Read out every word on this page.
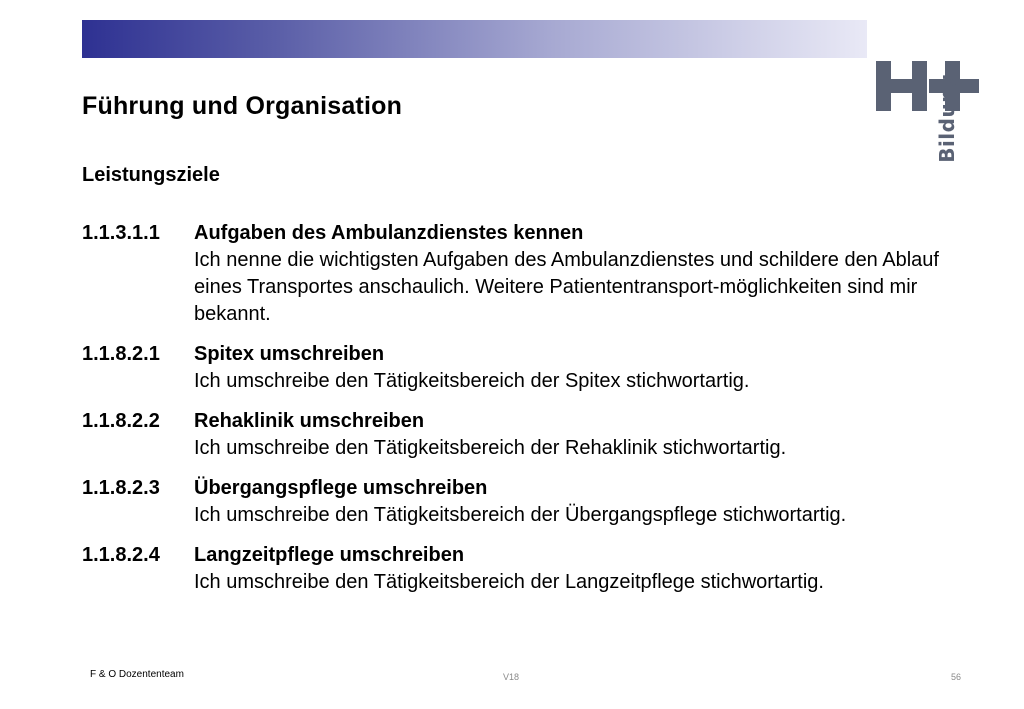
Bildung
Führung und Organisation
Leistungsziele
1.1.3.1.1	Aufgaben des Ambulanzdienstes kennen
Ich nenne die wichtigsten Aufgaben des Ambulanzdienstes und schildere den Ablauf eines Transportes anschaulich. Weitere Patiententransport-möglichkeiten sind mir bekannt.
1.1.8.2.1	Spitex umschreiben
Ich umschreibe den Tätigkeitsbereich der Spitex stichwortartig.
1.1.8.2.2	Rehaklinik umschreiben
Ich umschreibe den Tätigkeitsbereich der Rehaklinik stichwortartig.
1.1.8.2.3	Übergangspflege umschreiben
Ich umschreibe den Tätigkeitsbereich der Übergangspflege stichwortartig.
1.1.8.2.4	Langzeitpflege umschreiben
Ich umschreibe den Tätigkeitsbereich der Langzeitpflege stichwortartig.
F & O Dozententeam	V18	56
